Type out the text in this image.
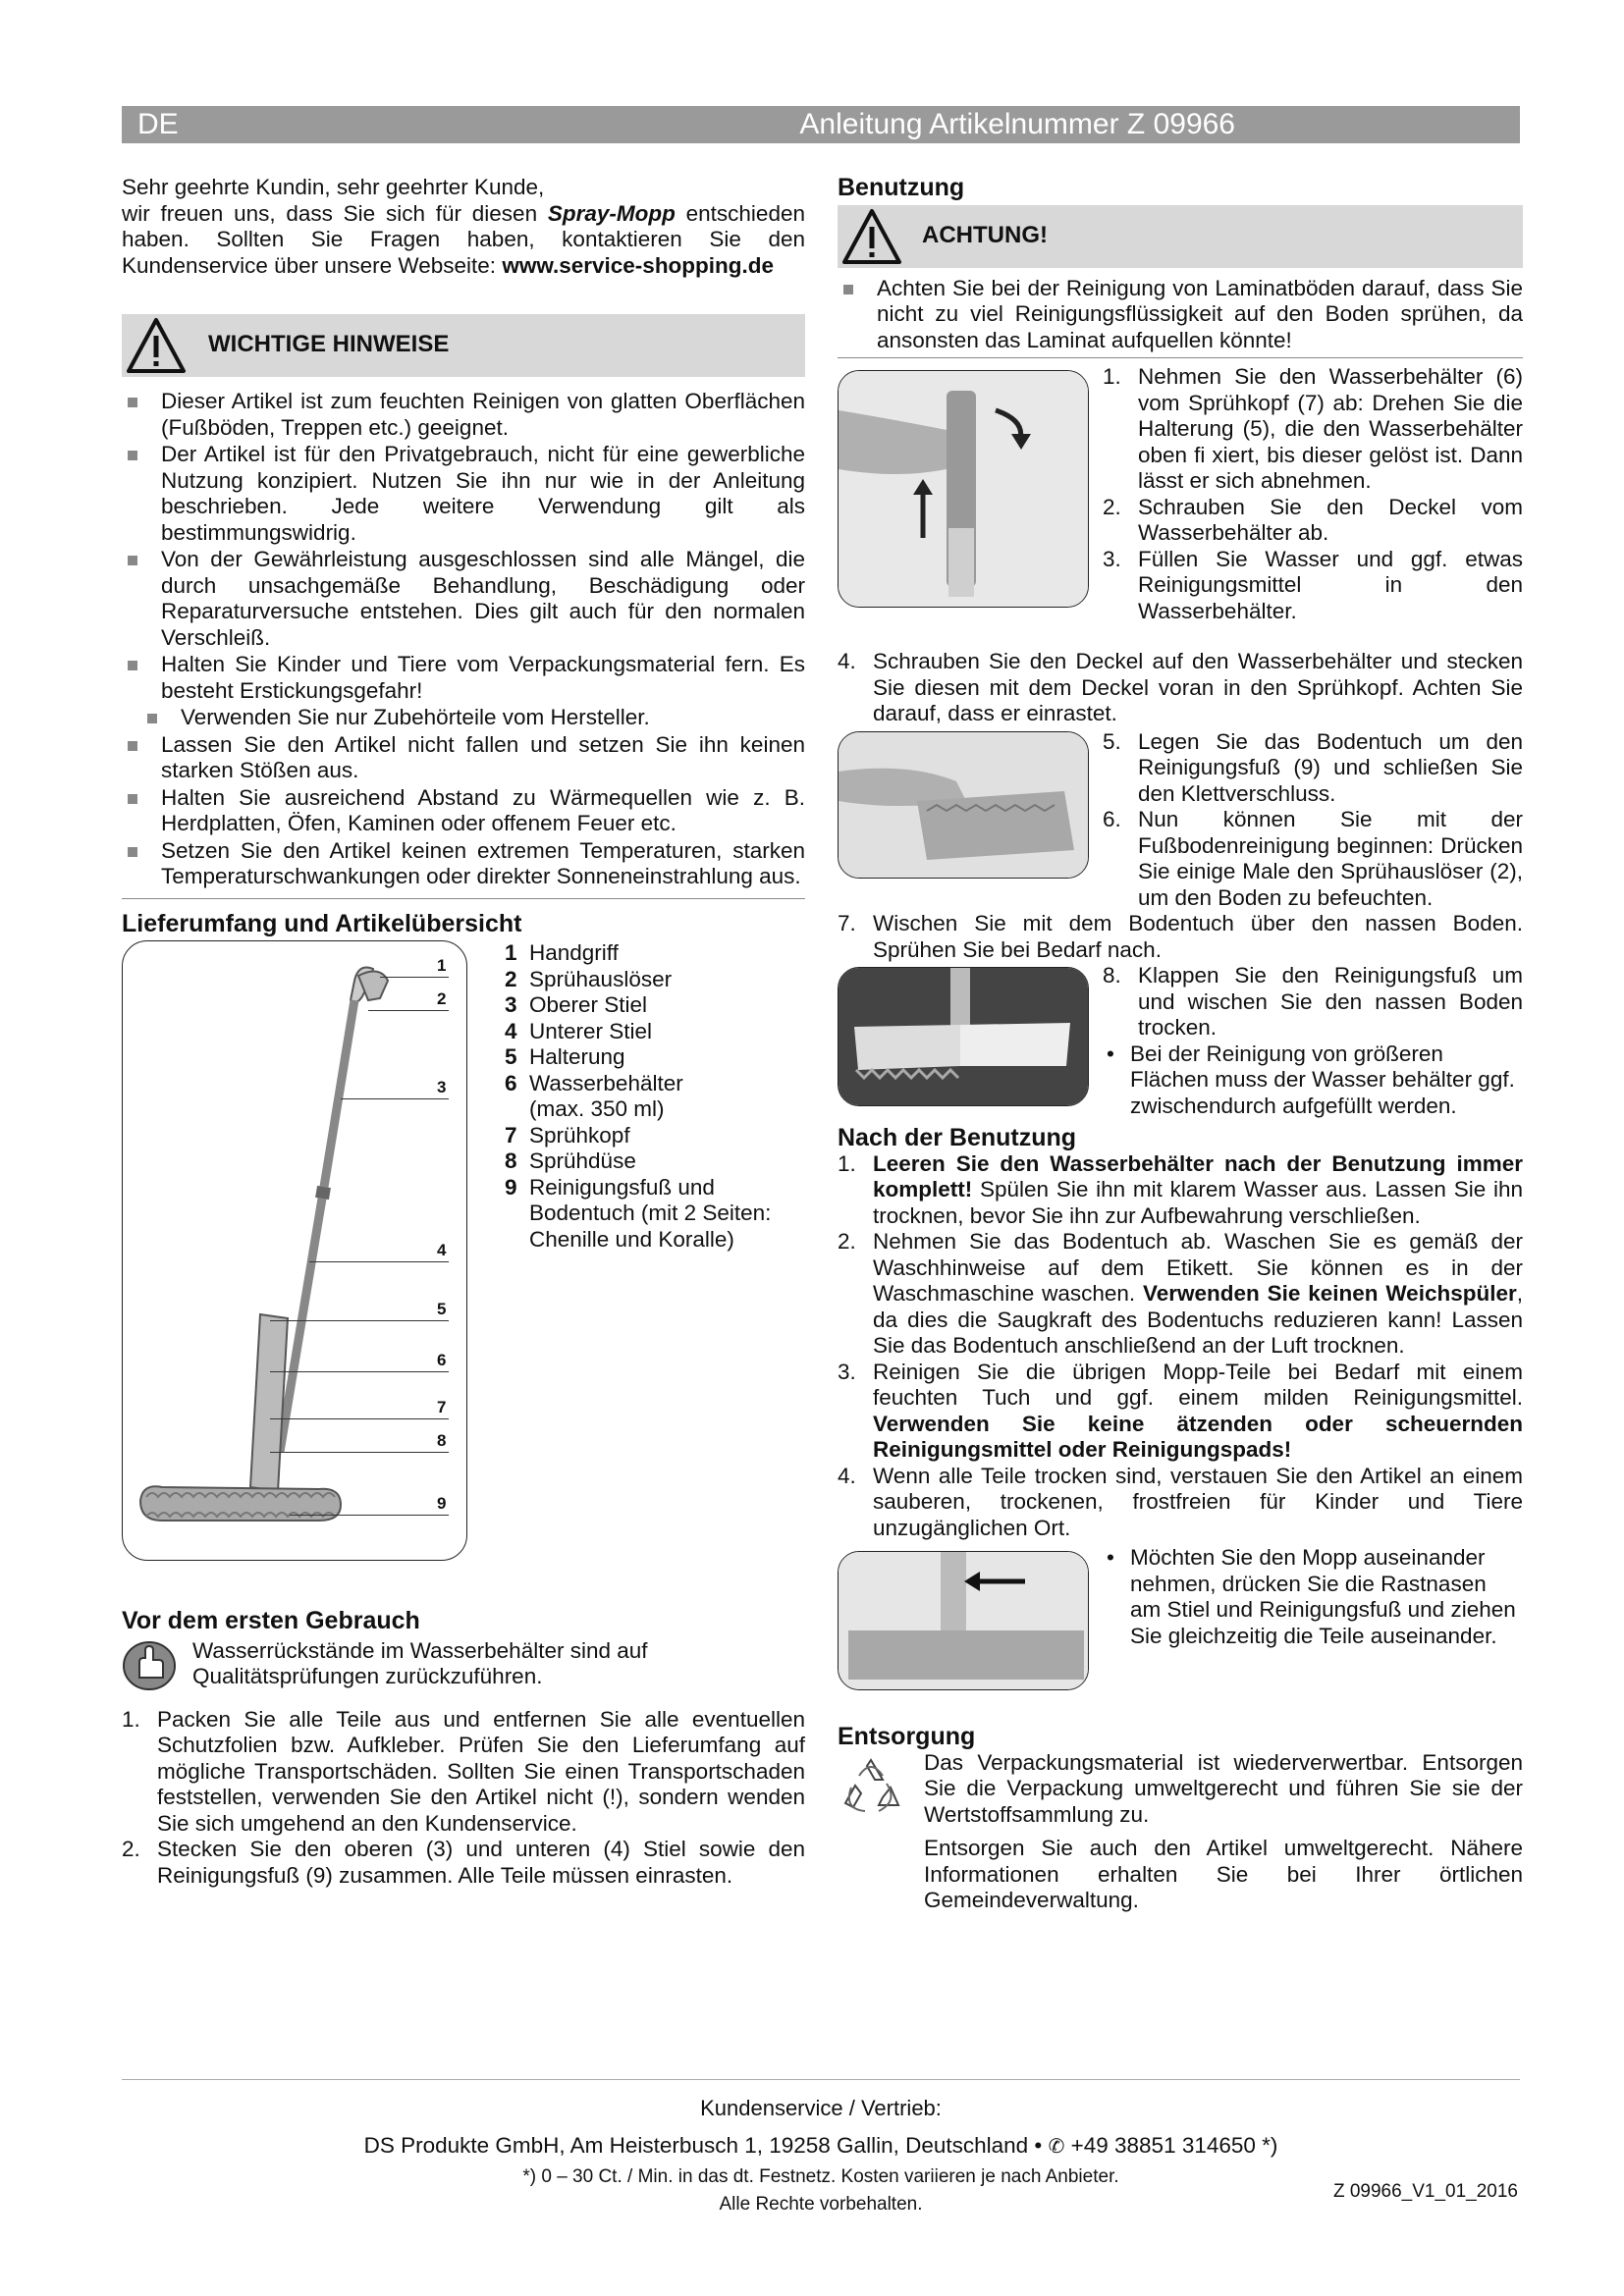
DE	Anleitung Artikelnummer Z 09966

Sehr geehrte Kundin, sehr geehrter Kunde,

wir freuen uns, dass Sie sich für diesen Spray-Mopp entschieden haben. Sollten Sie Fragen haben, kontaktieren Sie den Kundenservice über unsere Webseite: www.service-shopping.de

WICHTIGE HINWEISE
Dieser Artikel ist zum feuchten Reinigen von glatten Oberflächen (Fußböden, Treppen etc.) geeignet.
Der Artikel ist für den Privatgebrauch, nicht für eine gewerbliche Nutzung konzipiert. Nutzen Sie ihn nur wie in der Anleitung beschrieben. Jede weitere Verwendung gilt als bestimmungswidrig.
Von der Gewährleistung ausgeschlossen sind alle Mängel, die durch unsachgemäße Behandlung, Beschädigung oder Reparaturversuche entstehen. Dies gilt auch für den normalen Verschleiß.
Halten Sie Kinder und Tiere vom Verpackungsmaterial fern. Es besteht Erstickungsgefahr!
Verwenden Sie nur Zubehörteile vom Hersteller.
Lassen Sie den Artikel nicht fallen und setzen Sie ihn keinen starken Stößen aus.
Halten Sie ausreichend Abstand zu Wärmequellen wie z. B. Herdplatten, Öfen, Kaminen oder offenem Feuer etc.
Setzen Sie den Artikel keinen extremen Temperaturen, starken Temperaturschwankungen oder direkter Sonneneinstrahlung aus.

Lieferumfang und Artikelübersicht

1
2
3
4
5
6
7
8
9
1 Handgriff
2 Sprühauslöser
3 Oberer Stiel
4 Unterer Stiel
5 Halterung
6 Wasserbehälter
(max. 350 ml)
7 Sprühkopf
8 Sprühdüse
9 Reinigungsfuß und
Bodentuch (mit 2 Seiten:
Chenille und Koralle)

Vor dem ersten Gebrauch

Wasserrückstände im Wasserbehälter sind auf Qualitätsprüfungen zurückzuführen.
1. Packen Sie alle Teile aus und entfernen Sie alle eventuellen Schutzfolien bzw. Aufkleber. Prüfen Sie den Lieferumfang auf mögliche Transportschäden. Sollten Sie einen Transportschaden feststellen, verwenden Sie den Artikel nicht (!), sondern wenden Sie sich umgehend an den Kundenservice.
2. Stecken Sie den oberen (3) und unteren (4) Stiel sowie den Reinigungsfuß (9) zusammen. Alle Teile müssen einrasten.

Benutzung

ACHTUNG!
Achten Sie bei der Reinigung von Laminatböden darauf, dass Sie nicht zu viel Reinigungsflüssigkeit auf den Boden sprühen, da ansonsten das Laminat aufquellen könnte!
1. Nehmen Sie den Wasserbehälter (6) vom Sprühkopf (7) ab: Drehen Sie die Halterung (5), die den Wasserbehälter oben fi xiert, bis dieser gelöst ist. Dann lässt er sich abnehmen.
2. Schrauben Sie den Deckel vom Wasserbehälter ab.
3. Füllen Sie Wasser und ggf. etwas Reinigungsmittel in den Wasserbehälter.
4. Schrauben Sie den Deckel auf den Wasserbehälter und stecken Sie diesen mit dem Deckel voran in den Sprühkopf. Achten Sie darauf, dass er einrastet.
5. Legen Sie das Bodentuch um den Reinigungsfuß (9) und schließen Sie den Klettverschluss.
6. Nun können Sie mit der Fußbodenreinigung beginnen: Drücken Sie einige Male den Sprühauslöser (2), um den Boden zu befeuchten.
7. Wischen Sie mit dem Bodentuch über den nassen Boden. Sprühen Sie bei Bedarf nach.
8. Klappen Sie den Reinigungsfuß um und wischen Sie den nassen Boden trocken.
• Bei der Reinigung von größeren Flächen muss der Wasser behälter ggf. zwischendurch aufgefüllt werden.

Nach der Benutzung

1. Leeren Sie den Wasserbehälter nach der Benutzung immer komplett! Spülen Sie ihn mit klarem Wasser aus. Lassen Sie ihn trocknen, bevor Sie ihn zur Aufbewahrung verschließen.
2. Nehmen Sie das Bodentuch ab. Waschen Sie es gemäß der Waschhinweise auf dem Etikett. Sie können es in der Waschmaschine waschen. Verwenden Sie keinen Weichspüler, da dies die Saugkraft des Bodentuchs reduzieren kann! Lassen Sie das Bodentuch anschließend an der Luft trocknen.
3. Reinigen Sie die übrigen Mopp-Teile bei Bedarf mit einem feuchten Tuch und ggf. einem milden Reinigungsmittel. Verwenden Sie keine ätzenden oder scheuernden Reinigungsmittel oder Reinigungspads!
4. Wenn alle Teile trocken sind, verstauen Sie den Artikel an einem sauberen, trockenen, frostfreien für Kinder und Tiere unzugänglichen Ort.
• Möchten Sie den Mopp auseinander nehmen, drücken Sie die Rastnasen am Stiel und Reinigungsfuß und ziehen Sie gleichzeitig die Teile auseinander.

Entsorgung

Das Verpackungsmaterial ist wiederverwertbar. Entsorgen Sie die Verpackung umweltgerecht und führen Sie sie der Wertstoffsammlung zu.

Entsorgen Sie auch den Artikel umweltgerecht. Nähere Informationen erhalten Sie bei Ihrer örtlichen Gemeindeverwaltung.

Kundenservice / Vertrieb:

DS Produkte GmbH, Am Heisterbusch 1, 19258 Gallin, Deutschland • ✆ +49 38851 314650 *)

*) 0 – 30 Ct. / Min. in das dt. Festnetz. Kosten variieren je nach Anbieter.

Alle Rechte vorbehalten.

Z 09966_V1_01_2016
